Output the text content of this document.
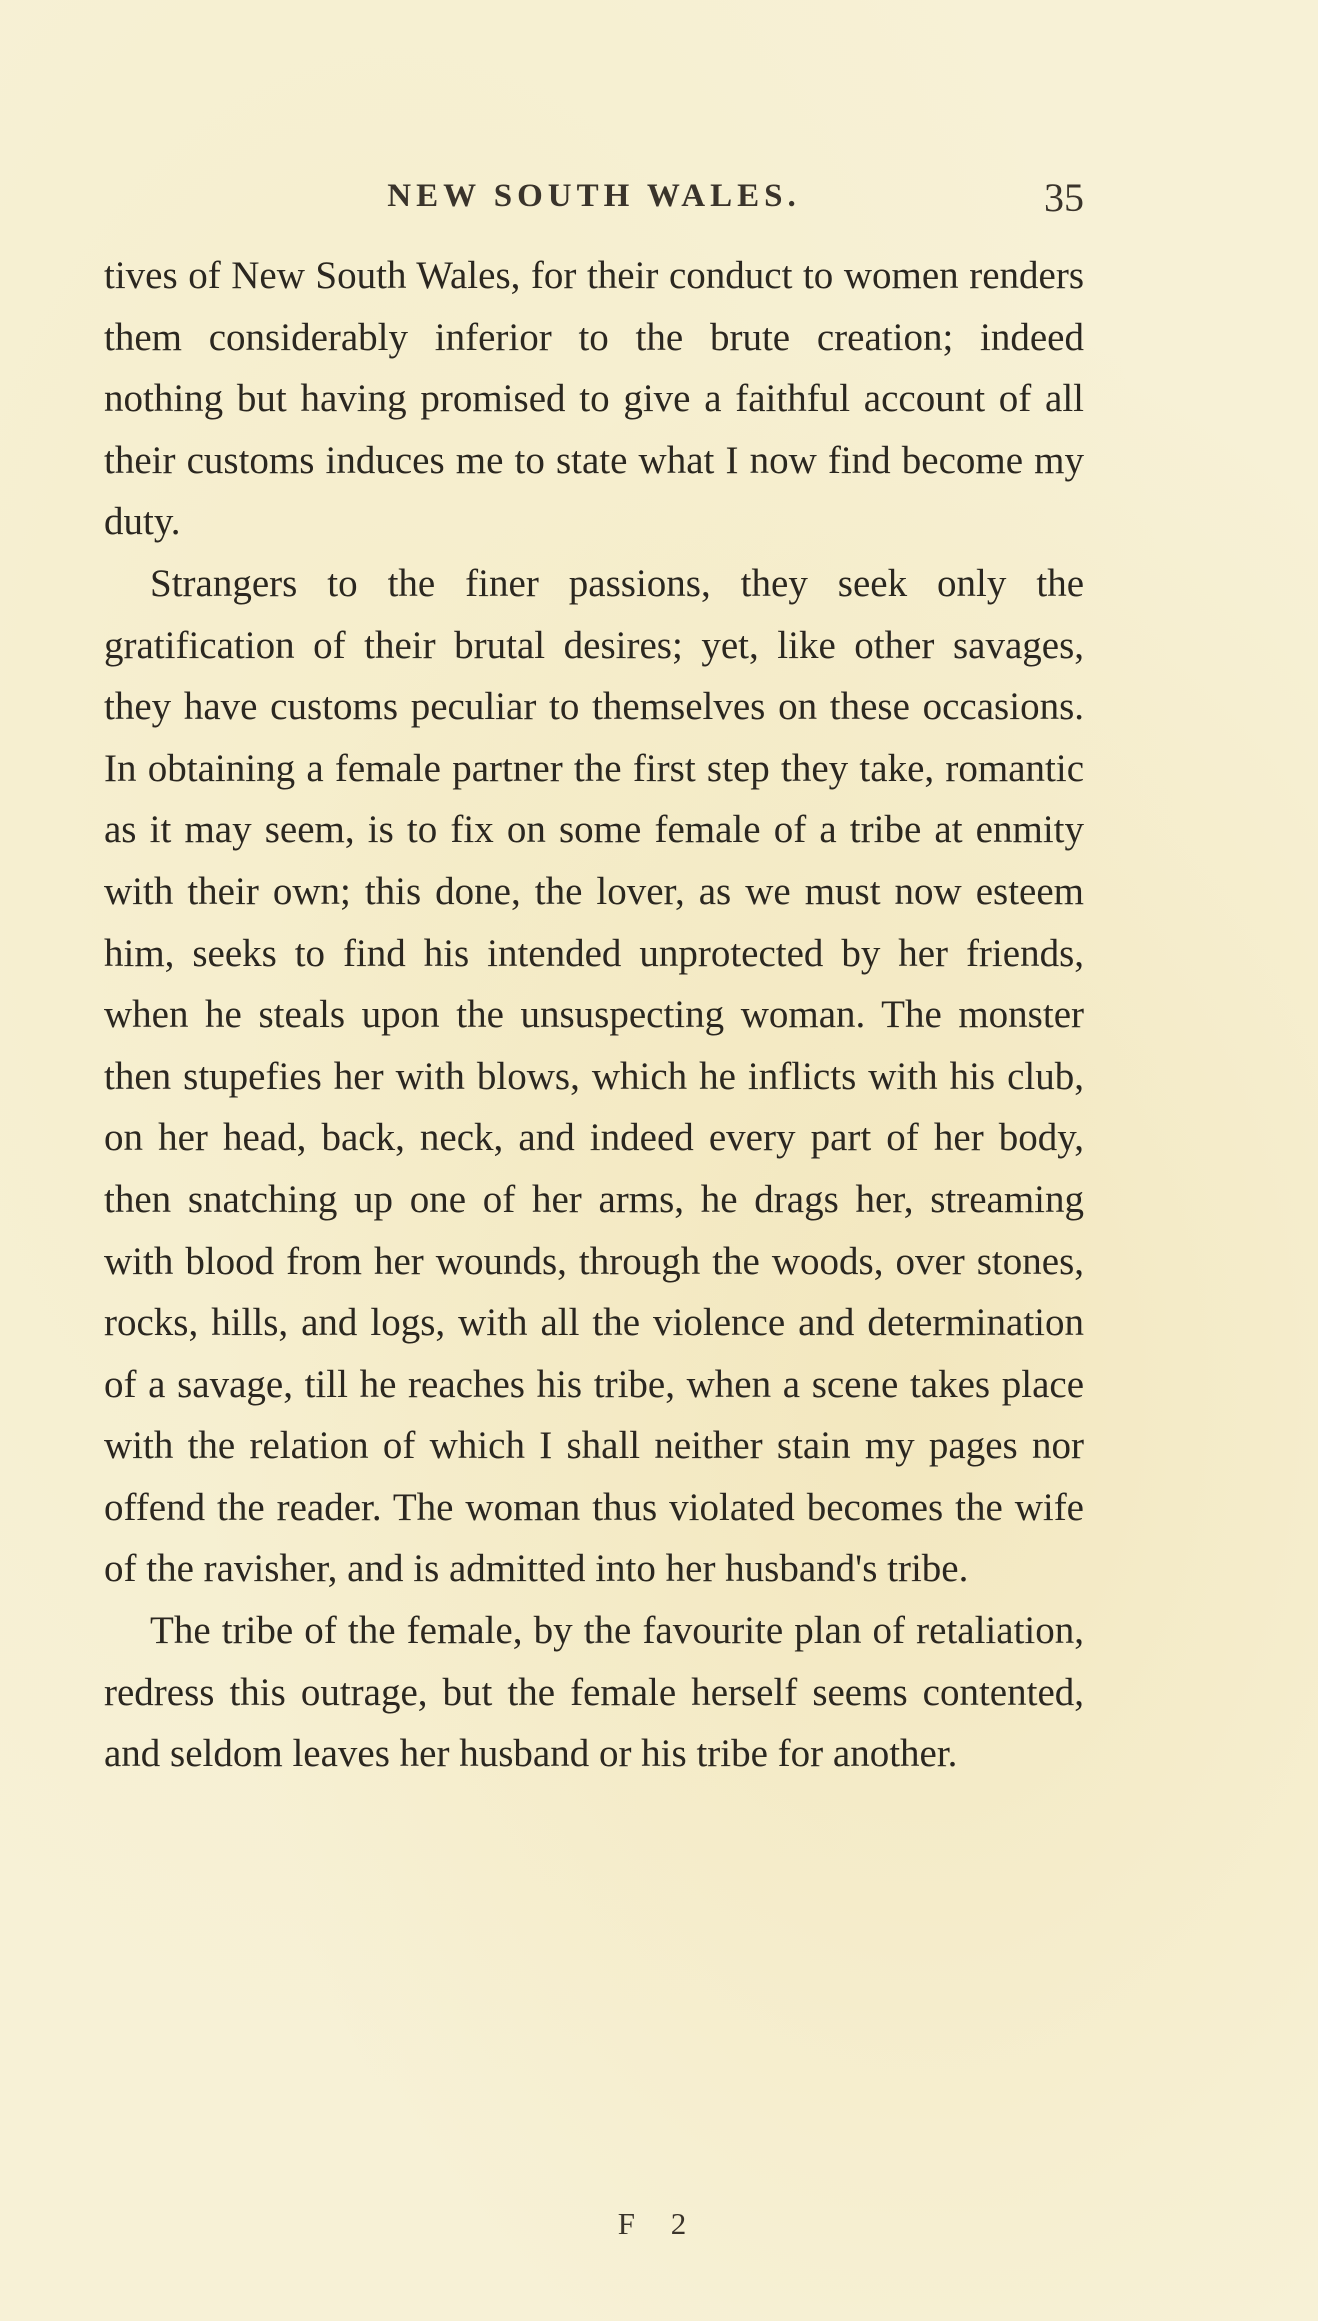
NEW SOUTH WALES.	35

tives of New South Wales, for their conduct to women renders them considerably inferior to the brute creation; indeed nothing but having promised to give a faithful account of all their customs induces me to state what I now find become my duty.

Strangers to the finer passions, they seek only the gratification of their brutal desires; yet, like other savages, they have customs peculiar to themselves on these occasions. In obtaining a female partner the first step they take, romantic as it may seem, is to fix on some female of a tribe at enmity with their own; this done, the lover, as we must now esteem him, seeks to find his intended unprotected by her friends, when he steals upon the unsuspecting woman. The monster then stupefies her with blows, which he inflicts with his club, on her head, back, neck, and indeed every part of her body, then snatching up one of her arms, he drags her, streaming with blood from her wounds, through the woods, over stones, rocks, hills, and logs, with all the violence and determination of a savage, till he reaches his tribe, when a scene takes place with the relation of which I shall neither stain my pages nor offend the reader. The woman thus violated becomes the wife of the ravisher, and is admitted into her husband's tribe.

The tribe of the female, by the favourite plan of retaliation, redress this outrage, but the female herself seems contented, and seldom leaves her husband or his tribe for another.

F 2
